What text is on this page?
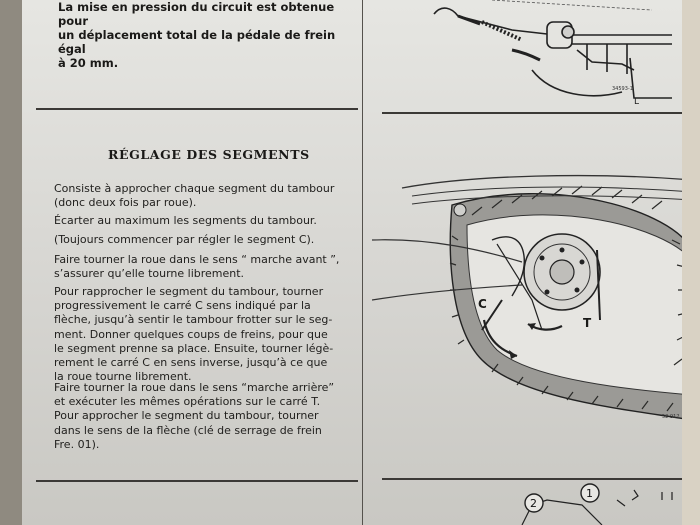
La mise en pression du circuit est obtenue pour
un déplacement total de la pédale de frein égal
à 20 mm.
RÉGLAGE DES SEGMENTS
Consiste à approcher chaque segment du tambour
(donc deux fois par roue).
Écarter au maximum les segments du tambour.
(Toujours commencer par régler le segment C).
Faire tourner la roue dans le sens “ marche avant ”,
s’assurer qu’elle tourne librement.
Pour rapprocher le segment du tambour, tourner
progressivement le carré C sens indiqué par la
flèche, jusqu’à sentir le tambour frotter sur le seg-
ment. Donner quelques coups de freins, pour que
le segment prenne sa place. Ensuite, tourner légè-
rement le carré C en sens inverse, jusqu’à ce que
la roue tourne librement.
Faire tourner la roue dans le sens “marche arrière”
et exécuter les mêmes opérations sur le carré T.
Pour approcher le segment du tambour, tourner
dans le sens de la flèche (clé de serrage de frein
Fre. 01).
34593-1
L
C
T
52 912
2
1
